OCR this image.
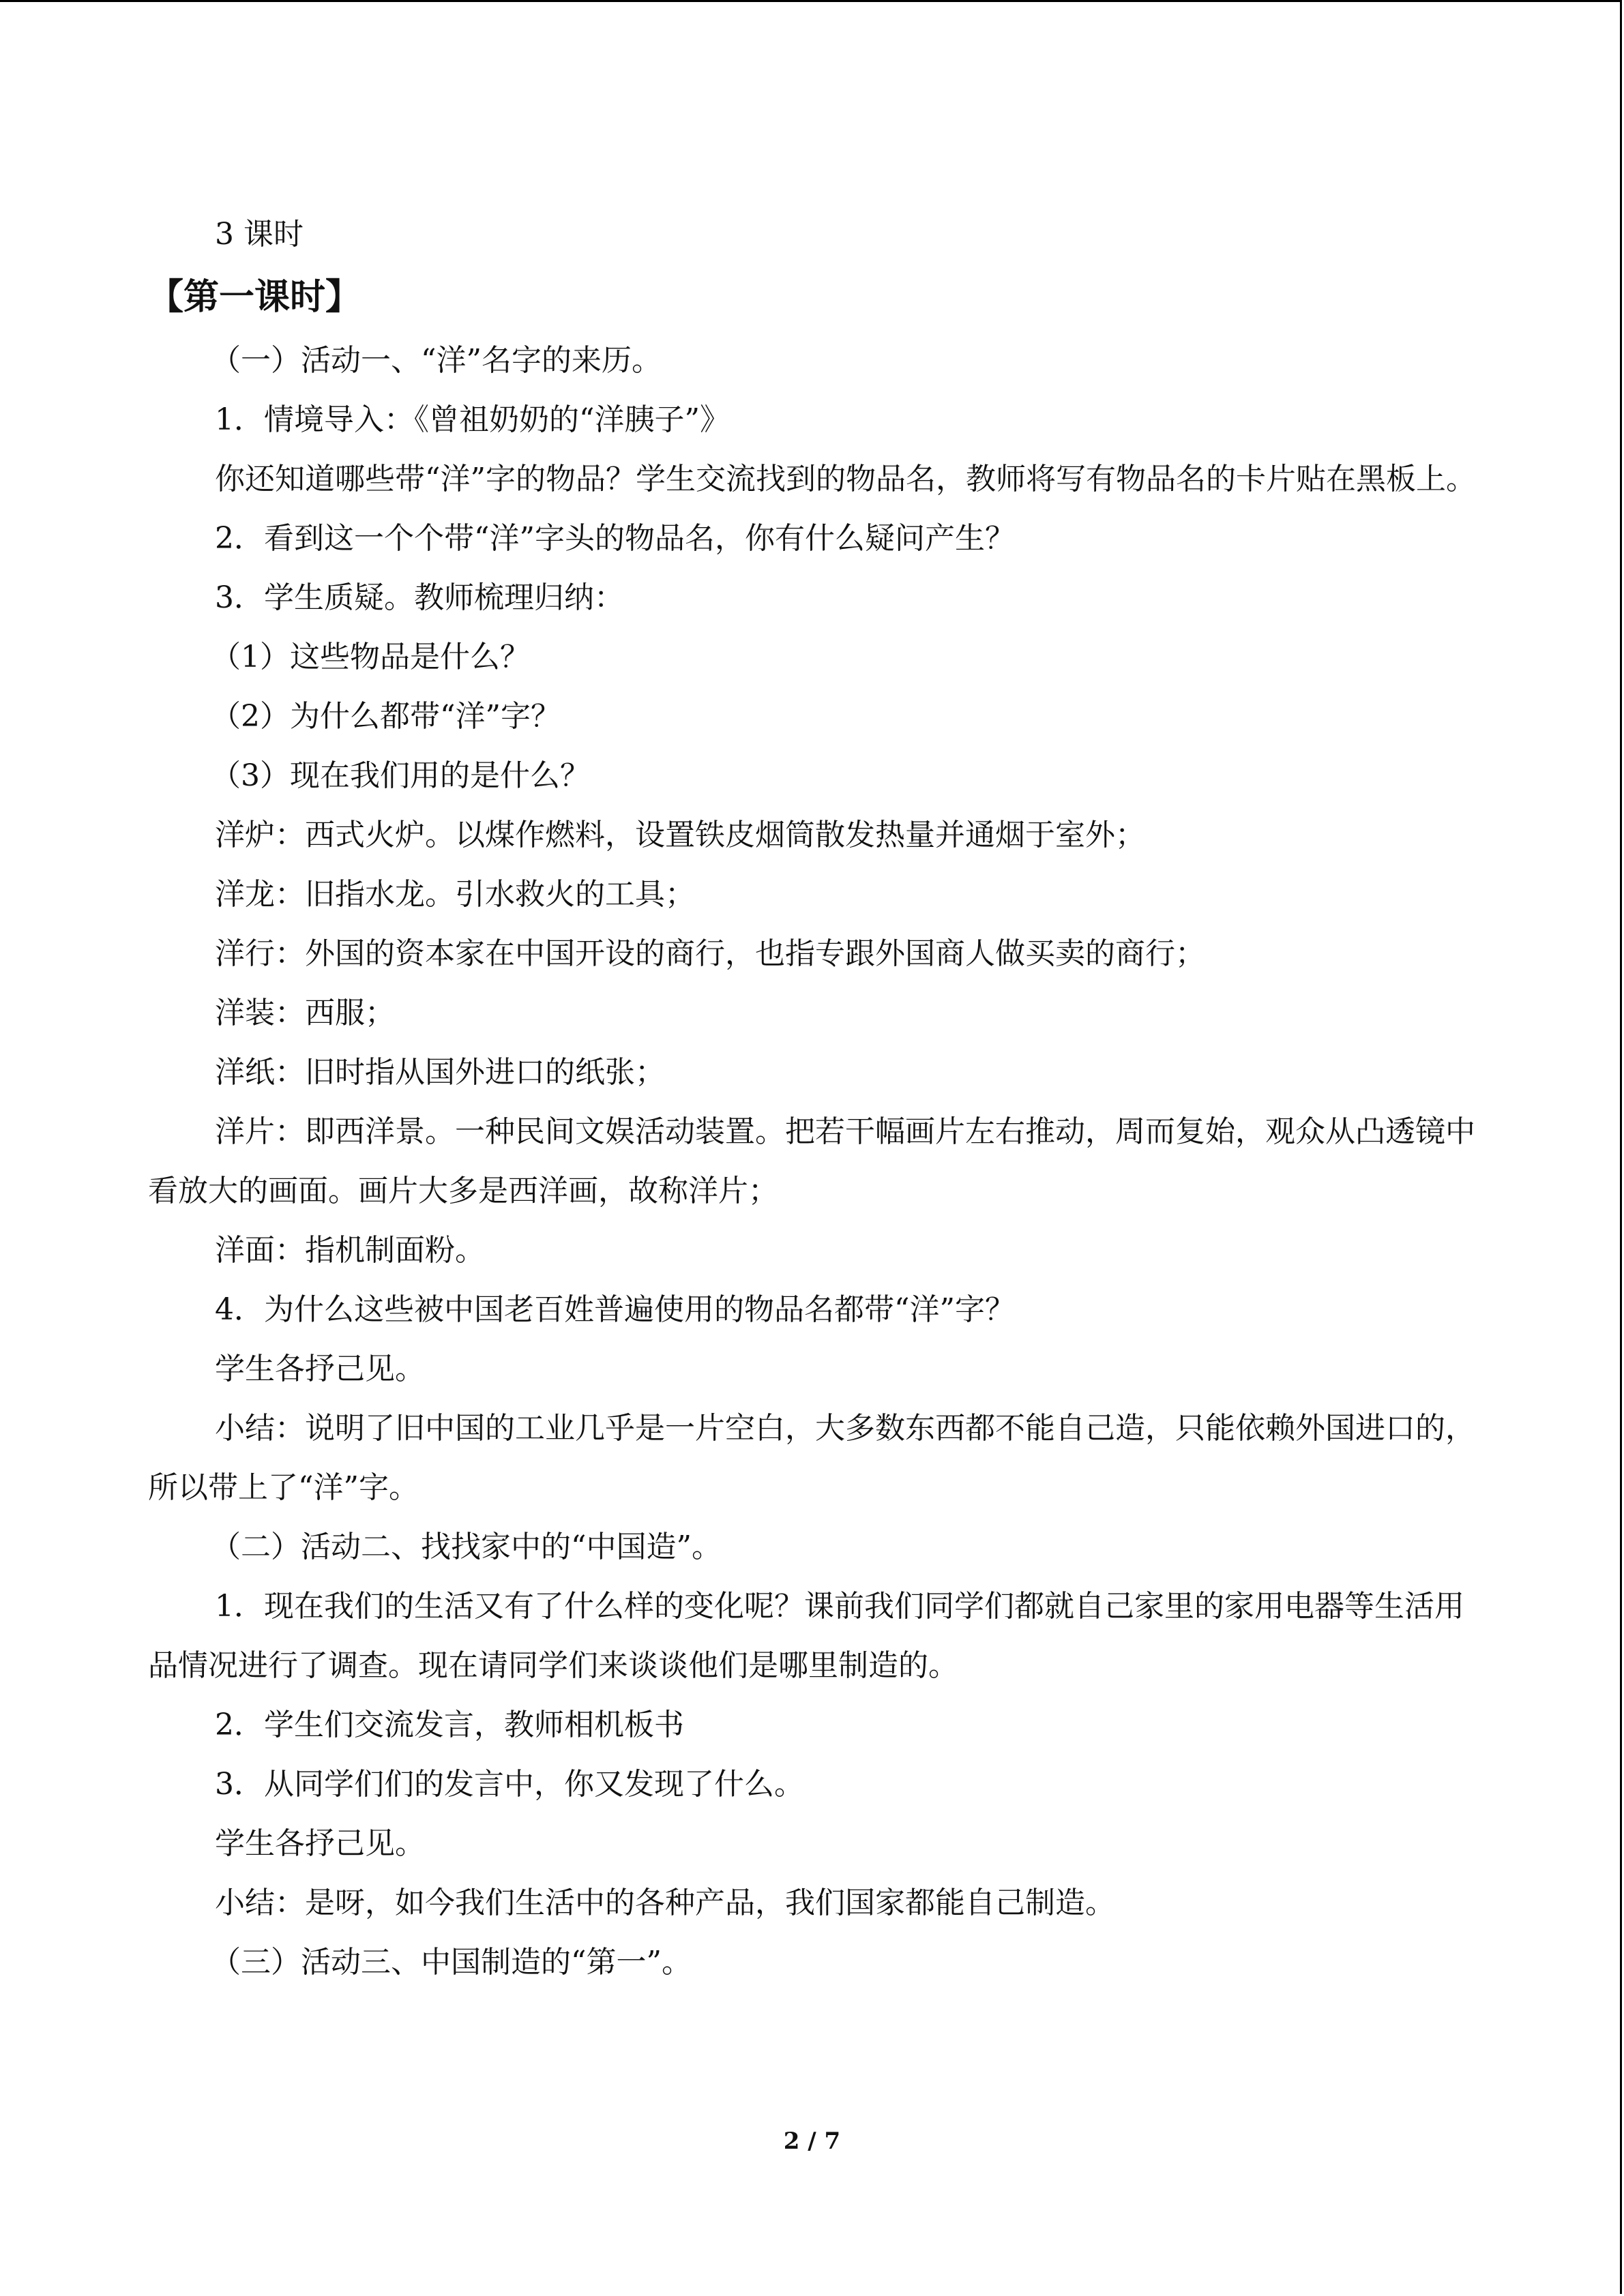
3 课时
【第一课时】
（一）活动一、“洋”名字的来历。
1．情境导入：《曾祖奶奶的“洋胰子”》
你还知道哪些带“洋”字的物品？学生交流找到的物品名，教师将写有物品名的卡片贴在黑板上。
2．看到这一个个带“洋”字头的物品名，你有什么疑问产生？
3．学生质疑。教师梳理归纳：
（1）这些物品是什么？
（2）为什么都带“洋”字？
（3）现在我们用的是什么？
洋炉：西式火炉。以煤作燃料，设置铁皮烟筒散发热量并通烟于室外；
洋龙：旧指水龙。引水救火的工具；
洋行：外国的资本家在中国开设的商行，也指专跟外国商人做买卖的商行；
洋装：西服；
洋纸：旧时指从国外进口的纸张；
洋片：即西洋景。一种民间文娱活动装置。把若干幅画片左右推动，周而复始，观众从凸透镜中看放大的画面。画片大多是西洋画，故称洋片；
洋面：指机制面粉。
4．为什么这些被中国老百姓普遍使用的物品名都带“洋”字？
学生各抒己见。
小结：说明了旧中国的工业几乎是一片空白，大多数东西都不能自己造，只能依赖外国进口的，所以带上了“洋”字。
（二）活动二、找找家中的“中国造”。
1．现在我们的生活又有了什么样的变化呢？课前我们同学们都就自己家里的家用电器等生活用品情况进行了调查。现在请同学们来谈谈他们是哪里制造的。
2．学生们交流发言，教师相机板书
3．从同学们们的发言中，你又发现了什么。
学生各抒己见。
小结：是呀，如今我们生活中的各种产品，我们国家都能自己制造。
（三）活动三、中国制造的“第一”。
2 / 7
